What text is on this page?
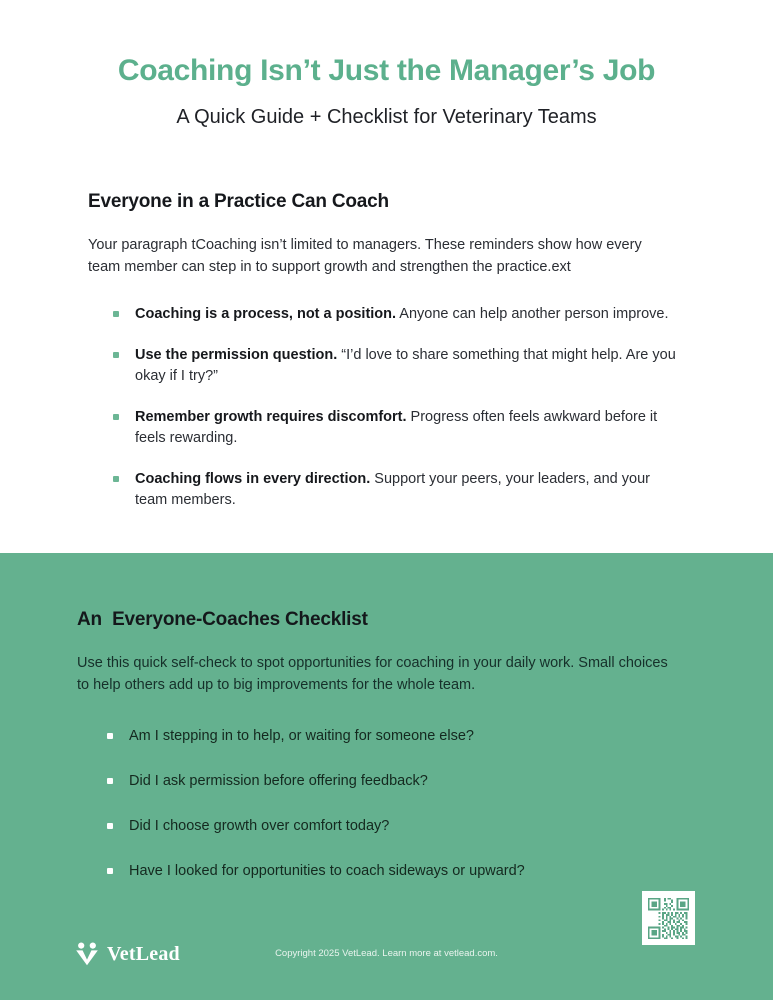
Coaching Isn’t Just the Manager’s Job

A Quick Guide + Checklist for Veterinary Teams

Everyone in a Practice Can Coach

Your paragraph tCoaching isn’t limited to managers. These reminders show how every team member can step in to support growth and strengthen the practice.ext

Coaching is a process, not a position. Anyone can help another person improve.
Use the permission question. “I’d love to share something that might help. Are you okay if I try?”
Remember growth requires discomfort. Progress often feels awkward before it feels rewarding.
Coaching flows in every direction. Support your peers, your leaders, and your team members.
An  Everyone-Coaches Checklist

Use this quick self-check to spot opportunities for coaching in your daily work. Small choices to help others add up to big improvements for the whole team.

Am I stepping in to help, or waiting for someone else?
Did I ask permission before offering feedback?
Did I choose growth over comfort today?
Have I looked for opportunities to coach sideways or upward?
VetLead	Copyright 2025 VetLead. Learn more at vetlead.com.
